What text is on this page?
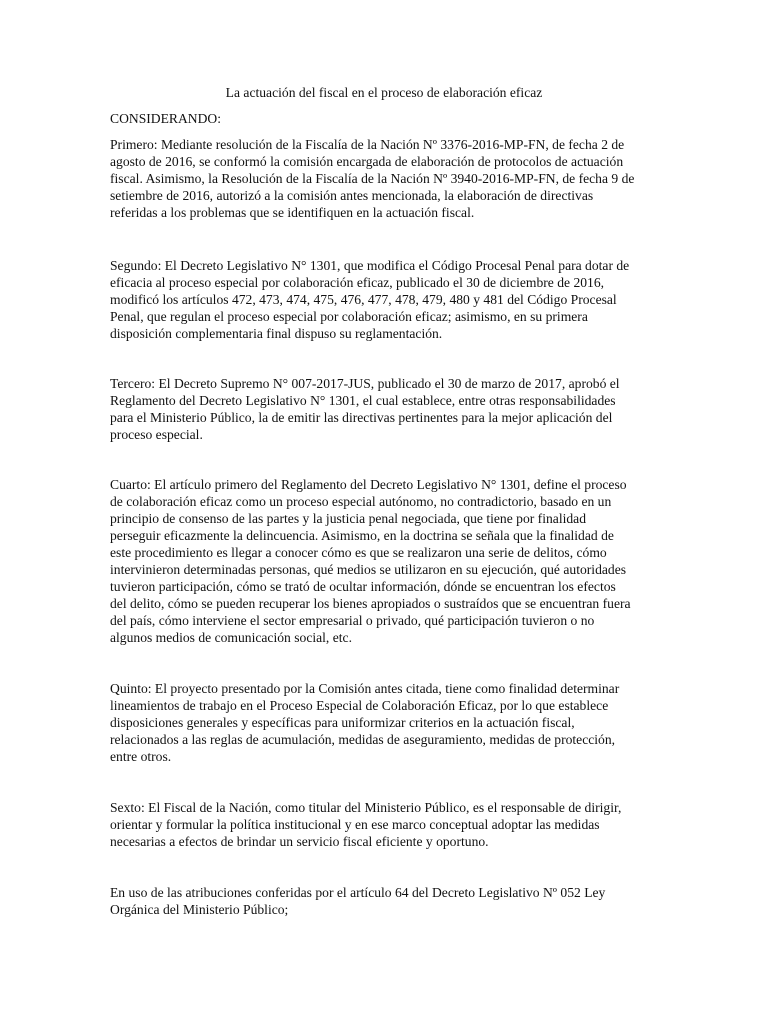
La actuación del fiscal en el proceso de elaboración eficaz
CONSIDERANDO:
Primero: Mediante resolución de la Fiscalía de la Nación Nº 3376-2016-MP-FN, de fecha 2 de
agosto de 2016, se conformó la comisión encargada de elaboración de protocolos de actuación
fiscal. Asimismo, la Resolución de la Fiscalía de la Nación Nº 3940-2016-MP-FN, de fecha 9 de
setiembre de 2016, autorizó a la comisión antes mencionada, la elaboración de directivas
referidas a los problemas que se identifiquen en la actuación fiscal.
Segundo: El Decreto Legislativo N° 1301, que modifica el Código Procesal Penal para dotar de
eficacia al proceso especial por colaboración eficaz, publicado el 30 de diciembre de 2016,
modificó los artículos 472, 473, 474, 475, 476, 477, 478, 479, 480 y 481 del Código Procesal
Penal, que regulan el proceso especial por colaboración eficaz; asimismo, en su primera
disposición complementaria final dispuso su reglamentación.
Tercero: El Decreto Supremo N° 007-2017-JUS, publicado el 30 de marzo de 2017, aprobó el
Reglamento del Decreto Legislativo N° 1301, el cual establece, entre otras responsabilidades
para el Ministerio Público, la de emitir las directivas pertinentes para la mejor aplicación del
proceso especial.
Cuarto: El artículo primero del Reglamento del Decreto Legislativo N° 1301, define el proceso
de colaboración eficaz como un proceso especial autónomo, no contradictorio, basado en un
principio de consenso de las partes y la justicia penal negociada, que tiene por finalidad
perseguir eficazmente la delincuencia. Asimismo, en la doctrina se señala que la finalidad de
este procedimiento es llegar a conocer cómo es que se realizaron una serie de delitos, cómo
intervinieron determinadas personas, qué medios se utilizaron en su ejecución, qué autoridades
tuvieron participación, cómo se trató de ocultar información, dónde se encuentran los efectos
del delito, cómo se pueden recuperar los bienes apropiados o sustraídos que se encuentran fuera
del país, cómo interviene el sector empresarial o privado, qué participación tuvieron o no
algunos medios de comunicación social, etc.
Quinto: El proyecto presentado por la Comisión antes citada, tiene como finalidad determinar
lineamientos de trabajo en el Proceso Especial de Colaboración Eficaz, por lo que establece
disposiciones generales y específicas para uniformizar criterios en la actuación fiscal,
relacionados a las reglas de acumulación, medidas de aseguramiento, medidas de protección,
entre otros.
Sexto: El Fiscal de la Nación, como titular del Ministerio Público, es el responsable de dirigir,
orientar y formular la política institucional y en ese marco conceptual adoptar las medidas
necesarias a efectos de brindar un servicio fiscal eficiente y oportuno.
En uso de las atribuciones conferidas por el artículo 64 del Decreto Legislativo Nº 052 Ley
Orgánica del Ministerio Público;
